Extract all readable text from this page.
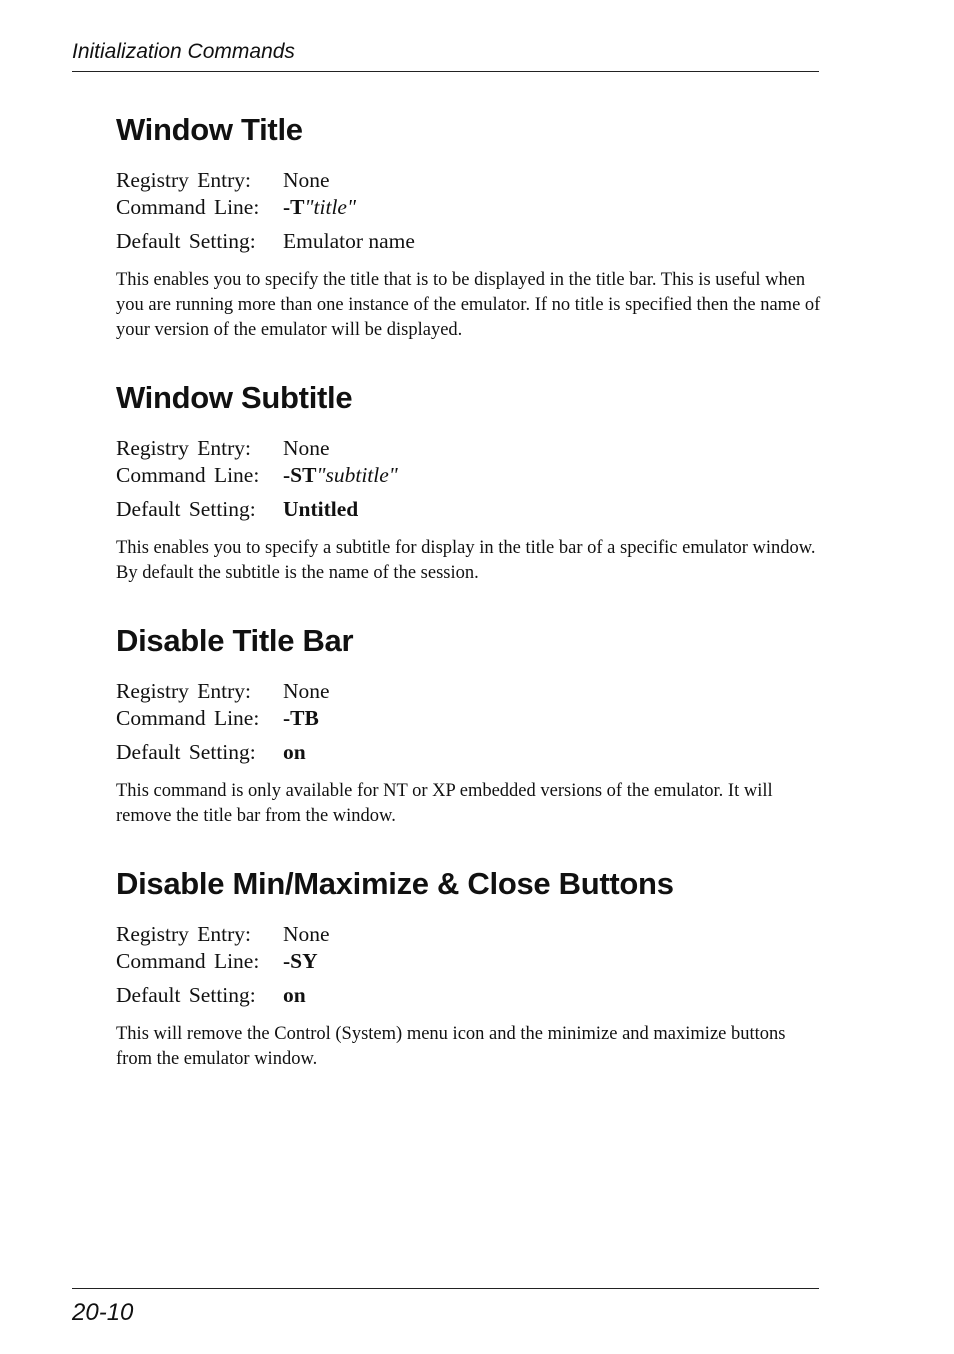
Initialization Commands
Window Title
Registry Entry:	None
Command Line:	-T"title"
Default Setting:	Emulator name
This enables you to specify the title that is to be displayed in the title bar. This is useful when you are running more than one instance of the emulator. If no title is specified then the name of your version of the emulator will be displayed.
Window Subtitle
Registry Entry:	None
Command Line:	-ST"subtitle"
Default Setting:	Untitled
This enables you to specify a subtitle for display in the title bar of a specific emulator window. By default the subtitle is the name of the session.
Disable Title Bar
Registry Entry:	None
Command Line:	-TB
Default Setting:	on
This command is only available for NT or XP embedded versions of the emulator. It will remove the title bar from the window.
Disable Min/Maximize & Close Buttons
Registry Entry:	None
Command Line:	-SY
Default Setting:	on
This will remove the Control (System) menu icon and the minimize and maximize buttons from the emulator window.
20-10
